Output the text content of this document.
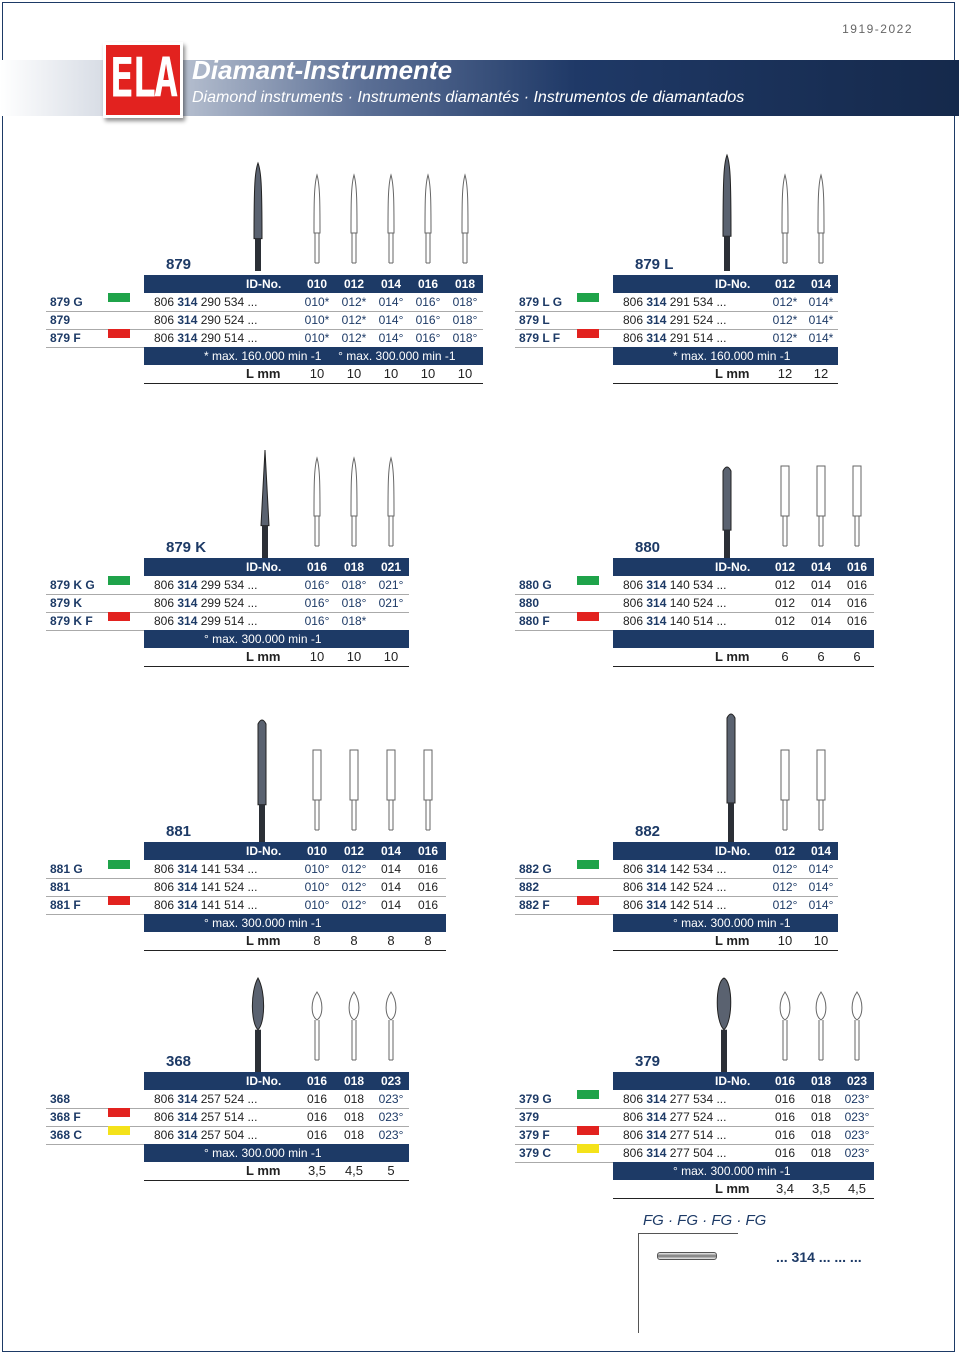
1919-2022
ELA Diamant-Instrumente
Diamond instruments · Instruments diamantés · Instrumentos de diamantados
879
ID-No.	010	012	014	016	018
879 G	806 314 290 534 ...	010*	012*	014°	016°	018°
879	806 314 290 524 ...	010*	012*	014°	016°	018°
879 F	806 314 290 514 ...	010*	012*	014°	016°	018°
* max. 160.000 min -1     ° max. 300.000 min -1
L mm	10	10	10	10	10
879 L
ID-No.	012	014
879 L G	806 314 291 534 ...	012* 014*
879 L	806 314 291 524 ...	012* 014*
879 L F	806 314 291 514 ...	012* 014*
* max. 160.000 min -1
L mm	12	12
879 K
ID-No.	016	018	021
879 K G	806 314 299 534 ...	016°	018°	021°
879 K	806 314 299 524 ...	016°	018°	021°
879 K F	806 314 299 514 ...	016°	018*
° max. 300.000 min -1
L mm	10	10	10
880
ID-No.	012	014	016
880 G	806 314 140 534 ...	012	014	016
880	806 314 140 524 ...	012	014	016
880 F	806 314 140 514 ...	012	014	016
L mm	6	6	6
881
ID-No.	010	012	014	016
881 G	806 314 141 534 ...	010°	012°	014	016
881	806 314 141 524 ...	010°	012°	014	016
881 F	806 314 141 514 ...	010°	012°	014	016
° max. 300.000 min -1
L mm	8	8	8	8
882
ID-No.	012	014
882 G	806 314 142 534 ...	012° 014°
882	806 314 142 524 ...	012° 014°
882 F	806 314 142 514 ...	012° 014°
° max. 300.000 min -1
L mm	10	10
368
ID-No.	016	018	023
368	806 314 257 524 ...	016	018	023°
368 F	806 314 257 514 ...	016	018	023°
368 C	806 314 257 504 ...	016	018	023°
° max. 300.000 min -1
L mm	3,5	4,5	5
379
ID-No.	016	018	023
379 G	806 314 277 534 ...	016	018	023°
379	806 314 277 524 ...	016	018	023°
379 F	806 314 277 514 ...	016	018	023°
379 C	806 314 277 504 ...	016	018	023°
° max. 300.000 min -1
L mm	3,4	3,5	4,5
FG · FG · FG · FG
... 314 ... ... ...
